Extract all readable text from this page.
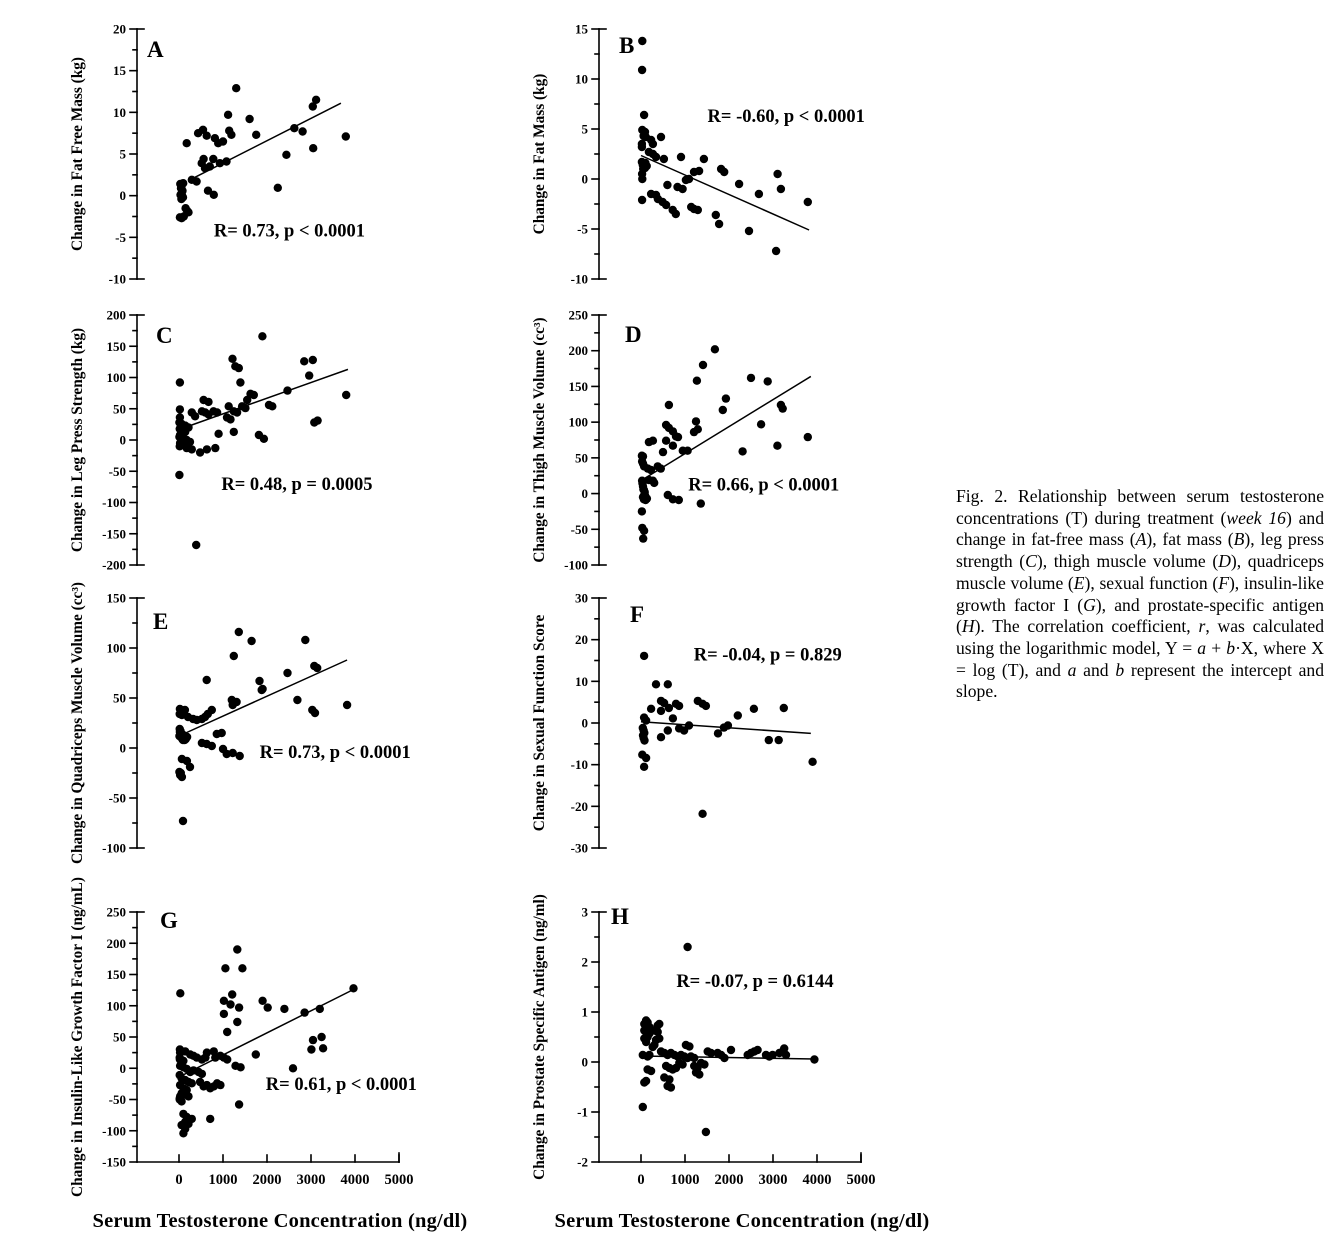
-10
-5
0
5
10
15
20
R= 0.73, p < 0.0001
A
Change in Fat Free Mass (kg)
-10
-5
0
5
10
15
R= -0.60, p < 0.0001
B
Change in Fat Mass (kg)
-200
-150
-100
-50
0
50
100
150
200
R= 0.48, p = 0.0005
C
Change in Leg Press Strength (kg)
-100
-50
0
50
100
150
200
250
R= 0.66, p < 0.0001
D
Change in Thigh Muscle Volume (cc³)
-100
-50
0
50
100
150
R= 0.73, p < 0.0001
E
Change in Quadriceps Muscle Volume (cc³)	-30
-20
-10
0
10
20
30
R= -0.04, p = 0.829
F
Change in Sexual Function Score
-150
-100
-50
0
50
100
150
200
250
0 1000 2000 3000 4000 5000
R= 0.61, p < 0.0001
G
Change in Insulin-Like Growth Factor I (ng/mL)	-2
-1
0
1
2
3
0 1000 2000 3000 4000 5000
R= -0.07, p = 0.6144
H
Change in Prostate Specific Antigen (ng/ml)
Serum Testosterone Concentration (ng/dl)	Serum Testosterone Concentration (ng/dl)
Fig. 2. Relationship between serum testosterone concentrations (T) during treatment (week 16) and change in fat-free mass (A), fat mass (B), leg press strength (C), thigh muscle volume (D), quadriceps muscle volume (E), sexual function (F), insulin-like growth factor I (G), and prostate-specific antigen (H). The correlation coefficient, r, was calculated using the logarithmic model, Y = a + b·X, where X = log (T), and a and b represent the intercept and slope.
